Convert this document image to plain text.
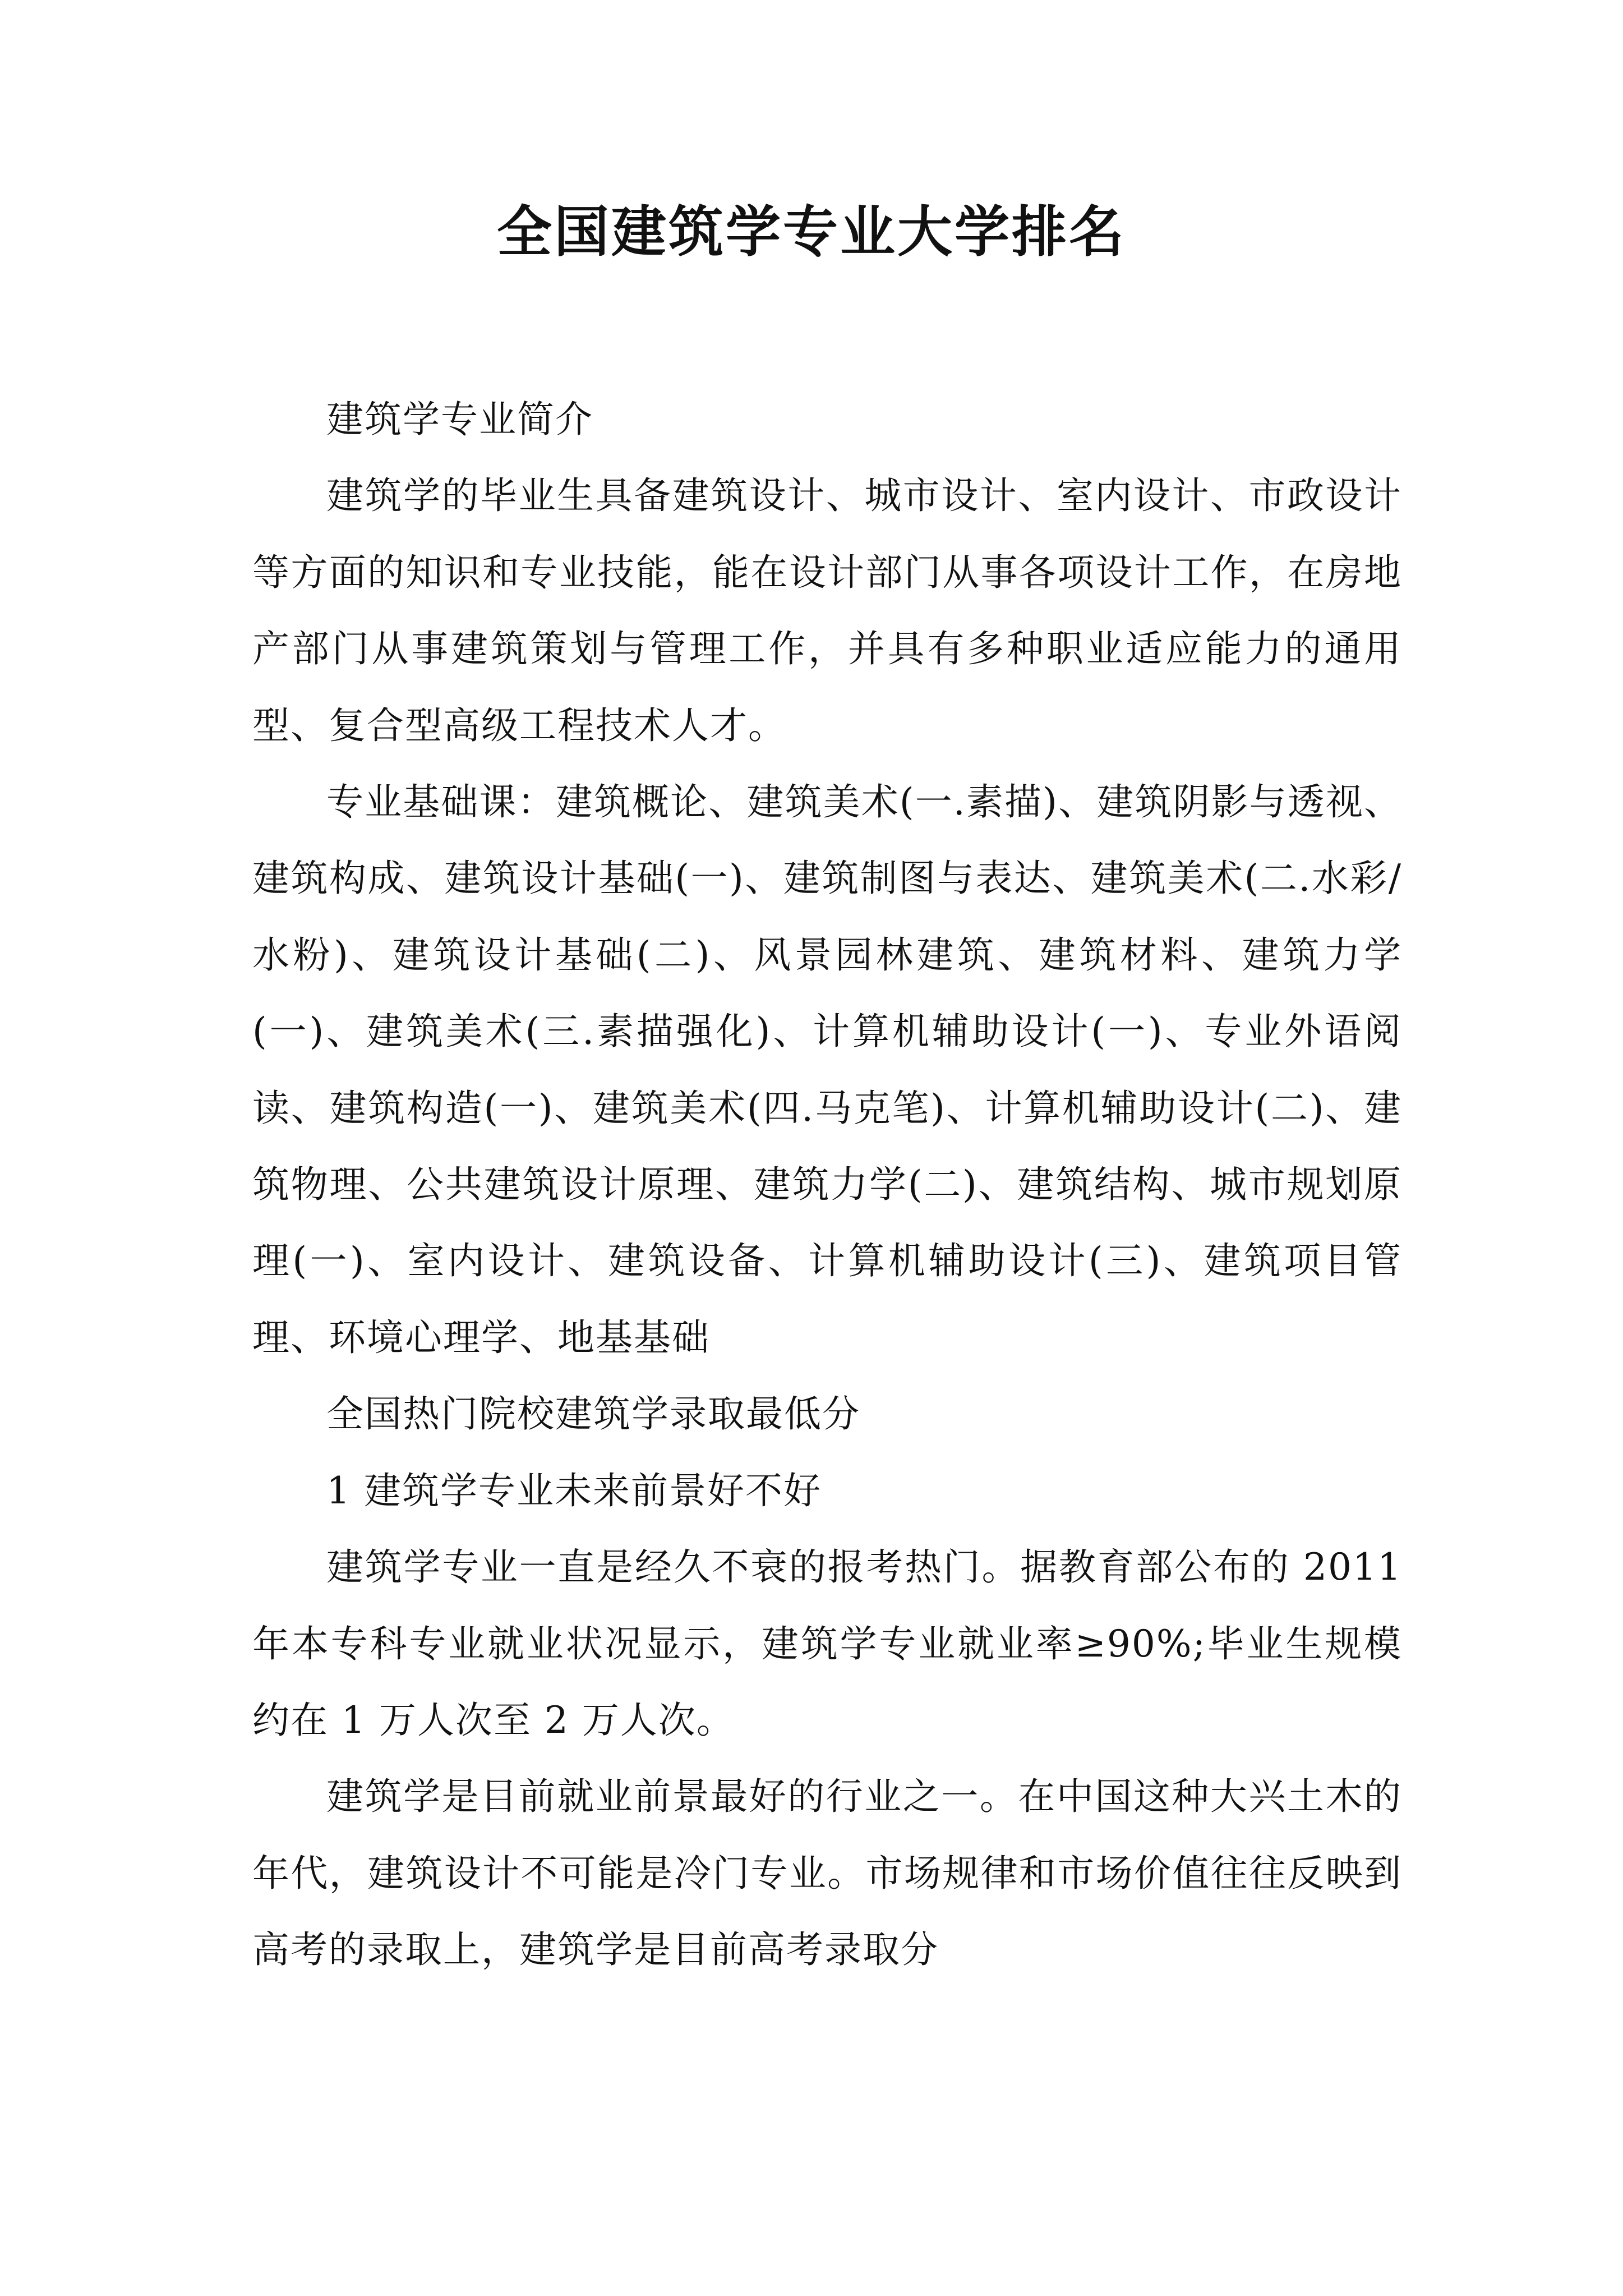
全国建筑学专业大学排名

建筑学专业简介

建筑学的毕业生具备建筑设计、城市设计、室内设计、市政设计等方面的知识和专业技能，能在设计部门从事各项设计工作，在房地产部门从事建筑策划与管理工作，并具有多种职业适应能力的通用型、复合型高级工程技术人才。

专业基础课：建筑概论、建筑美术(一.素描)、建筑阴影与透视、建筑构成、建筑设计基础(一)、建筑制图与表达、建筑美术(二.水彩/水粉)、建筑设计基础(二)、风景园林建筑、建筑材料、建筑力学(一)、建筑美术(三.素描强化)、计算机辅助设计(一)、专业外语阅读、建筑构造(一)、建筑美术(四.马克笔)、计算机辅助设计(二)、建筑物理、公共建筑设计原理、建筑力学(二)、建筑结构、城市规划原理(一)、室内设计、建筑设备、计算机辅助设计(三)、建筑项目管理、环境心理学、地基基础

全国热门院校建筑学录取最低分

1 建筑学专业未来前景好不好

建筑学专业一直是经久不衰的报考热门。据教育部公布的 2011 年本专科专业就业状况显示，建筑学专业就业率≥90%;毕业生规模约在 1 万人次至 2 万人次。

建筑学是目前就业前景最好的行业之一。在中国这种大兴土木的年代，建筑设计不可能是冷门专业。市场规律和市场价值往往反映到高考的录取上，建筑学是目前高考录取分
